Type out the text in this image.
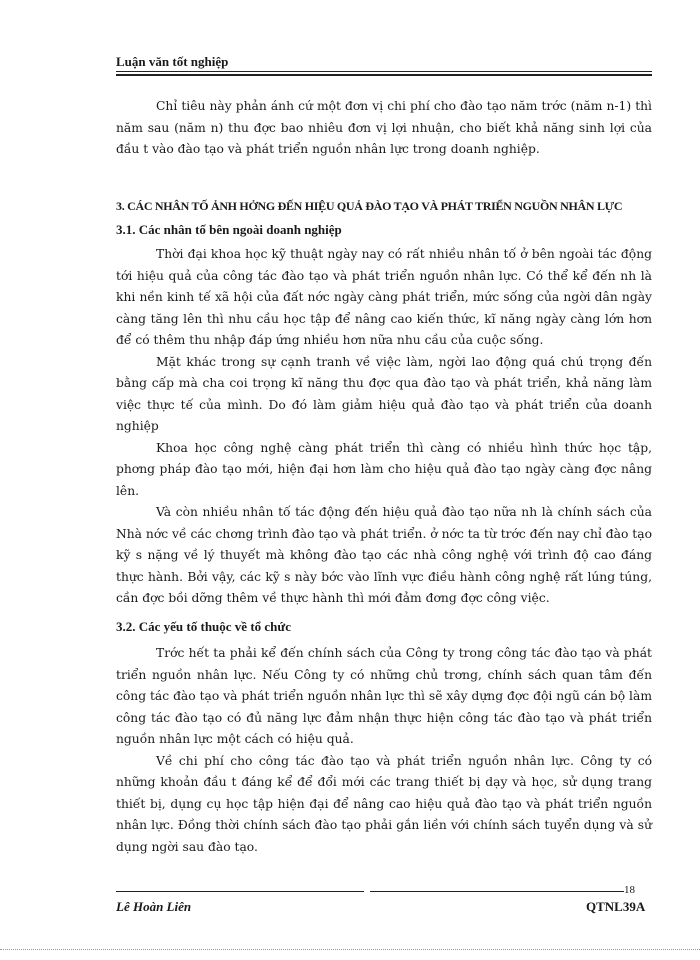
Luận văn tốt nghiệp

Chỉ tiêu này phản ánh cứ một đơn vị chi phí cho đào tạo năm trớc (năm n-1) thì năm sau (năm n) thu đợc bao nhiêu đơn vị lợi nhuận, cho biết khả năng sinh lợi của đầu t vào đào tạo và phát triển nguồn nhân lực trong doanh nghiệp.

3. CÁC NHÂN TỐ ẢNH HỞNG ĐẾN HIỆU QUẢ ĐÀO TẠO VÀ PHÁT TRIỂN NGUỒN NHÂN LỰC
3.1. Các nhân tố bên ngoài doanh nghiệp

Thời đại khoa học kỹ thuật ngày nay có rất nhiều nhân tố ở bên ngoài tác động tới hiệu quả của công tác đào tạo và phát triển nguồn nhân lực. Có thể kể đến nh là khi nền kinh tế xã hội của đất nớc ngày càng phát triển, mức sống của ngời dân ngày càng tăng lên thì nhu cầu học tập để nâng cao kiến thức, kĩ năng ngày càng lớn hơn để có thêm thu nhập đáp ứng nhiều hơn nữa nhu cầu của cuộc sống.

Mặt khác trong sự cạnh tranh về việc làm, ngời lao động quá chú trọng đến bằng cấp mà cha coi trọng kĩ năng thu đợc qua đào tạo và phát triển, khả năng làm việc thực tế của mình. Do đó làm giảm hiệu quả đào tạo và phát triển của doanh nghiệp

Khoa học công nghệ càng phát triển thì càng có nhiều hình thức học tập, phơng pháp đào tạo mới, hiện đại hơn làm cho hiệu quả đào tạo ngày càng đợc nâng lên.

Và còn nhiều nhân tố tác động đến hiệu quả đào tạo nữa nh là chính sách của Nhà nớc về các chơng trình đào tạo và phát triển. ở nớc ta từ trớc đến nay chỉ đào tạo kỹ s nặng về lý thuyết mà không đào tạo các nhà công nghệ với trình độ cao đáng thực hành. Bởi vậy, các kỹ s này bớc vào lĩnh vực điều hành công nghệ rất lúng túng, cần đợc bồi dỡng thêm về thực hành thì mới đảm đơng đợc công việc.

3.2. Các yếu tố thuộc về tổ chức

Trớc hết ta phải kể đến chính sách của Công ty trong công tác đào tạo và phát triển nguồn nhân lực. Nếu Công ty có những chủ trơng, chính sách quan tâm đến công tác đào tạo và phát triển nguồn nhân lực thì sẽ xây dựng đợc đội ngũ cán bộ làm công tác đào tạo có đủ năng lực đảm nhận thực hiện công tác đào tạo và phát triển nguồn nhân lực một cách có hiệu quả.

Về chi phí cho công tác đào tạo và phát triển nguồn nhân lực. Công ty có những khoản đầu t đáng kể để đổi mới các trang thiết bị dạy và học, sử dụng trang thiết bị, dụng cụ học tập hiện đại để nâng cao hiệu quả đào tạo và phát triển nguồn nhân lực. Đồng thời chính sách đào tạo phải gắn liền với chính sách tuyển dụng và sử dụng ngời sau đào tạo.

18
Lê Hoàn Liên	QTNL39A
